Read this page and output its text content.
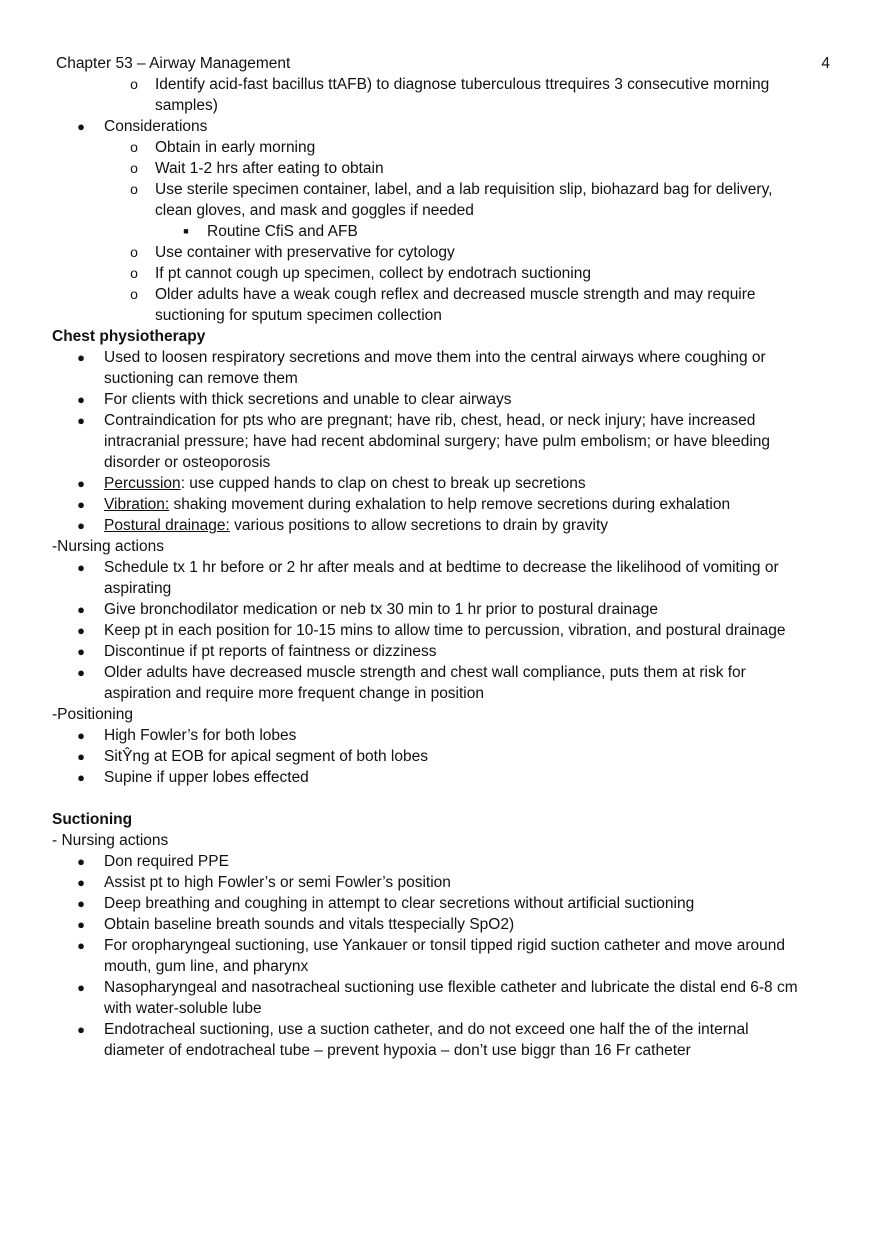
Chapter 53 – Airway Management	4
o Identify acid-fast bacillus ttAFB) to diagnose tuberculous ttrequires 3 consecutive morning
samples)
● Considerations
o Obtain in early morning
o Wait 1-2 hrs after eating to obtain
o Use sterile specimen container, label, and a lab requisition slip, biohazard bag for delivery,
clean gloves, and mask and goggles if needed
■ Routine CfiS and AFB
o Use container with preservative for cytology
o If pt cannot cough up specimen, collect by endotrach suctioning
o Older adults have a weak cough reflex and decreased muscle strength and may require
suctioning for sputum specimen collection
Chest physiotherapy
● Used to loosen respiratory secretions and move them into the central airways where coughing or
suctioning can remove them
● For clients with thick secretions and unable to clear airways
● Contraindication for pts who are pregnant; have rib, chest, head, or neck injury; have increased
intracranial pressure; have had recent abdominal surgery; have pulm embolism; or have bleeding
disorder or osteoporosis
● Percussion: use cupped hands to clap on chest to break up secretions
● Vibration: shaking movement during exhalation to help remove secretions during exhalation
● Postural drainage: various positions to allow secretions to drain by gravity
-Nursing actions
● Schedule tx 1 hr before or 2 hr after meals and at bedtime to decrease the likelihood of vomiting or
aspirating
● Give bronchodilator medication or neb tx 30 min to 1 hr prior to postural drainage
● Keep pt in each position for 10-15 mins to allow time to percussion, vibration, and postural drainage
● Discontinue if pt reports of faintness or dizziness
● Older adults have decreased muscle strength and chest wall compliance, puts them at risk for
aspiration and require more frequent change in position
-Positioning
● High Fowler’s for both lobes
● SitŶng at EOB for apical segment of both lobes
● Supine if upper lobes effected
Suctioning
- Nursing actions
● Don required PPE
● Assist pt to high Fowler’s or semi Fowler’s position
● Deep breathing and coughing in attempt to clear secretions without artificial suctioning
● Obtain baseline breath sounds and vitals ttespecially SpO2)
● For oropharyngeal suctioning, use Yankauer or tonsil tipped rigid suction catheter and move around
mouth, gum line, and pharynx
● Nasopharyngeal and nasotracheal suctioning use flexible catheter and lubricate the distal end 6-8 cm
with water-soluble lube
● Endotracheal suctioning, use a suction catheter, and do not exceed one half the of the internal
diameter of endotracheal tube – prevent hypoxia – don’t use biggr than 16 Fr catheter
